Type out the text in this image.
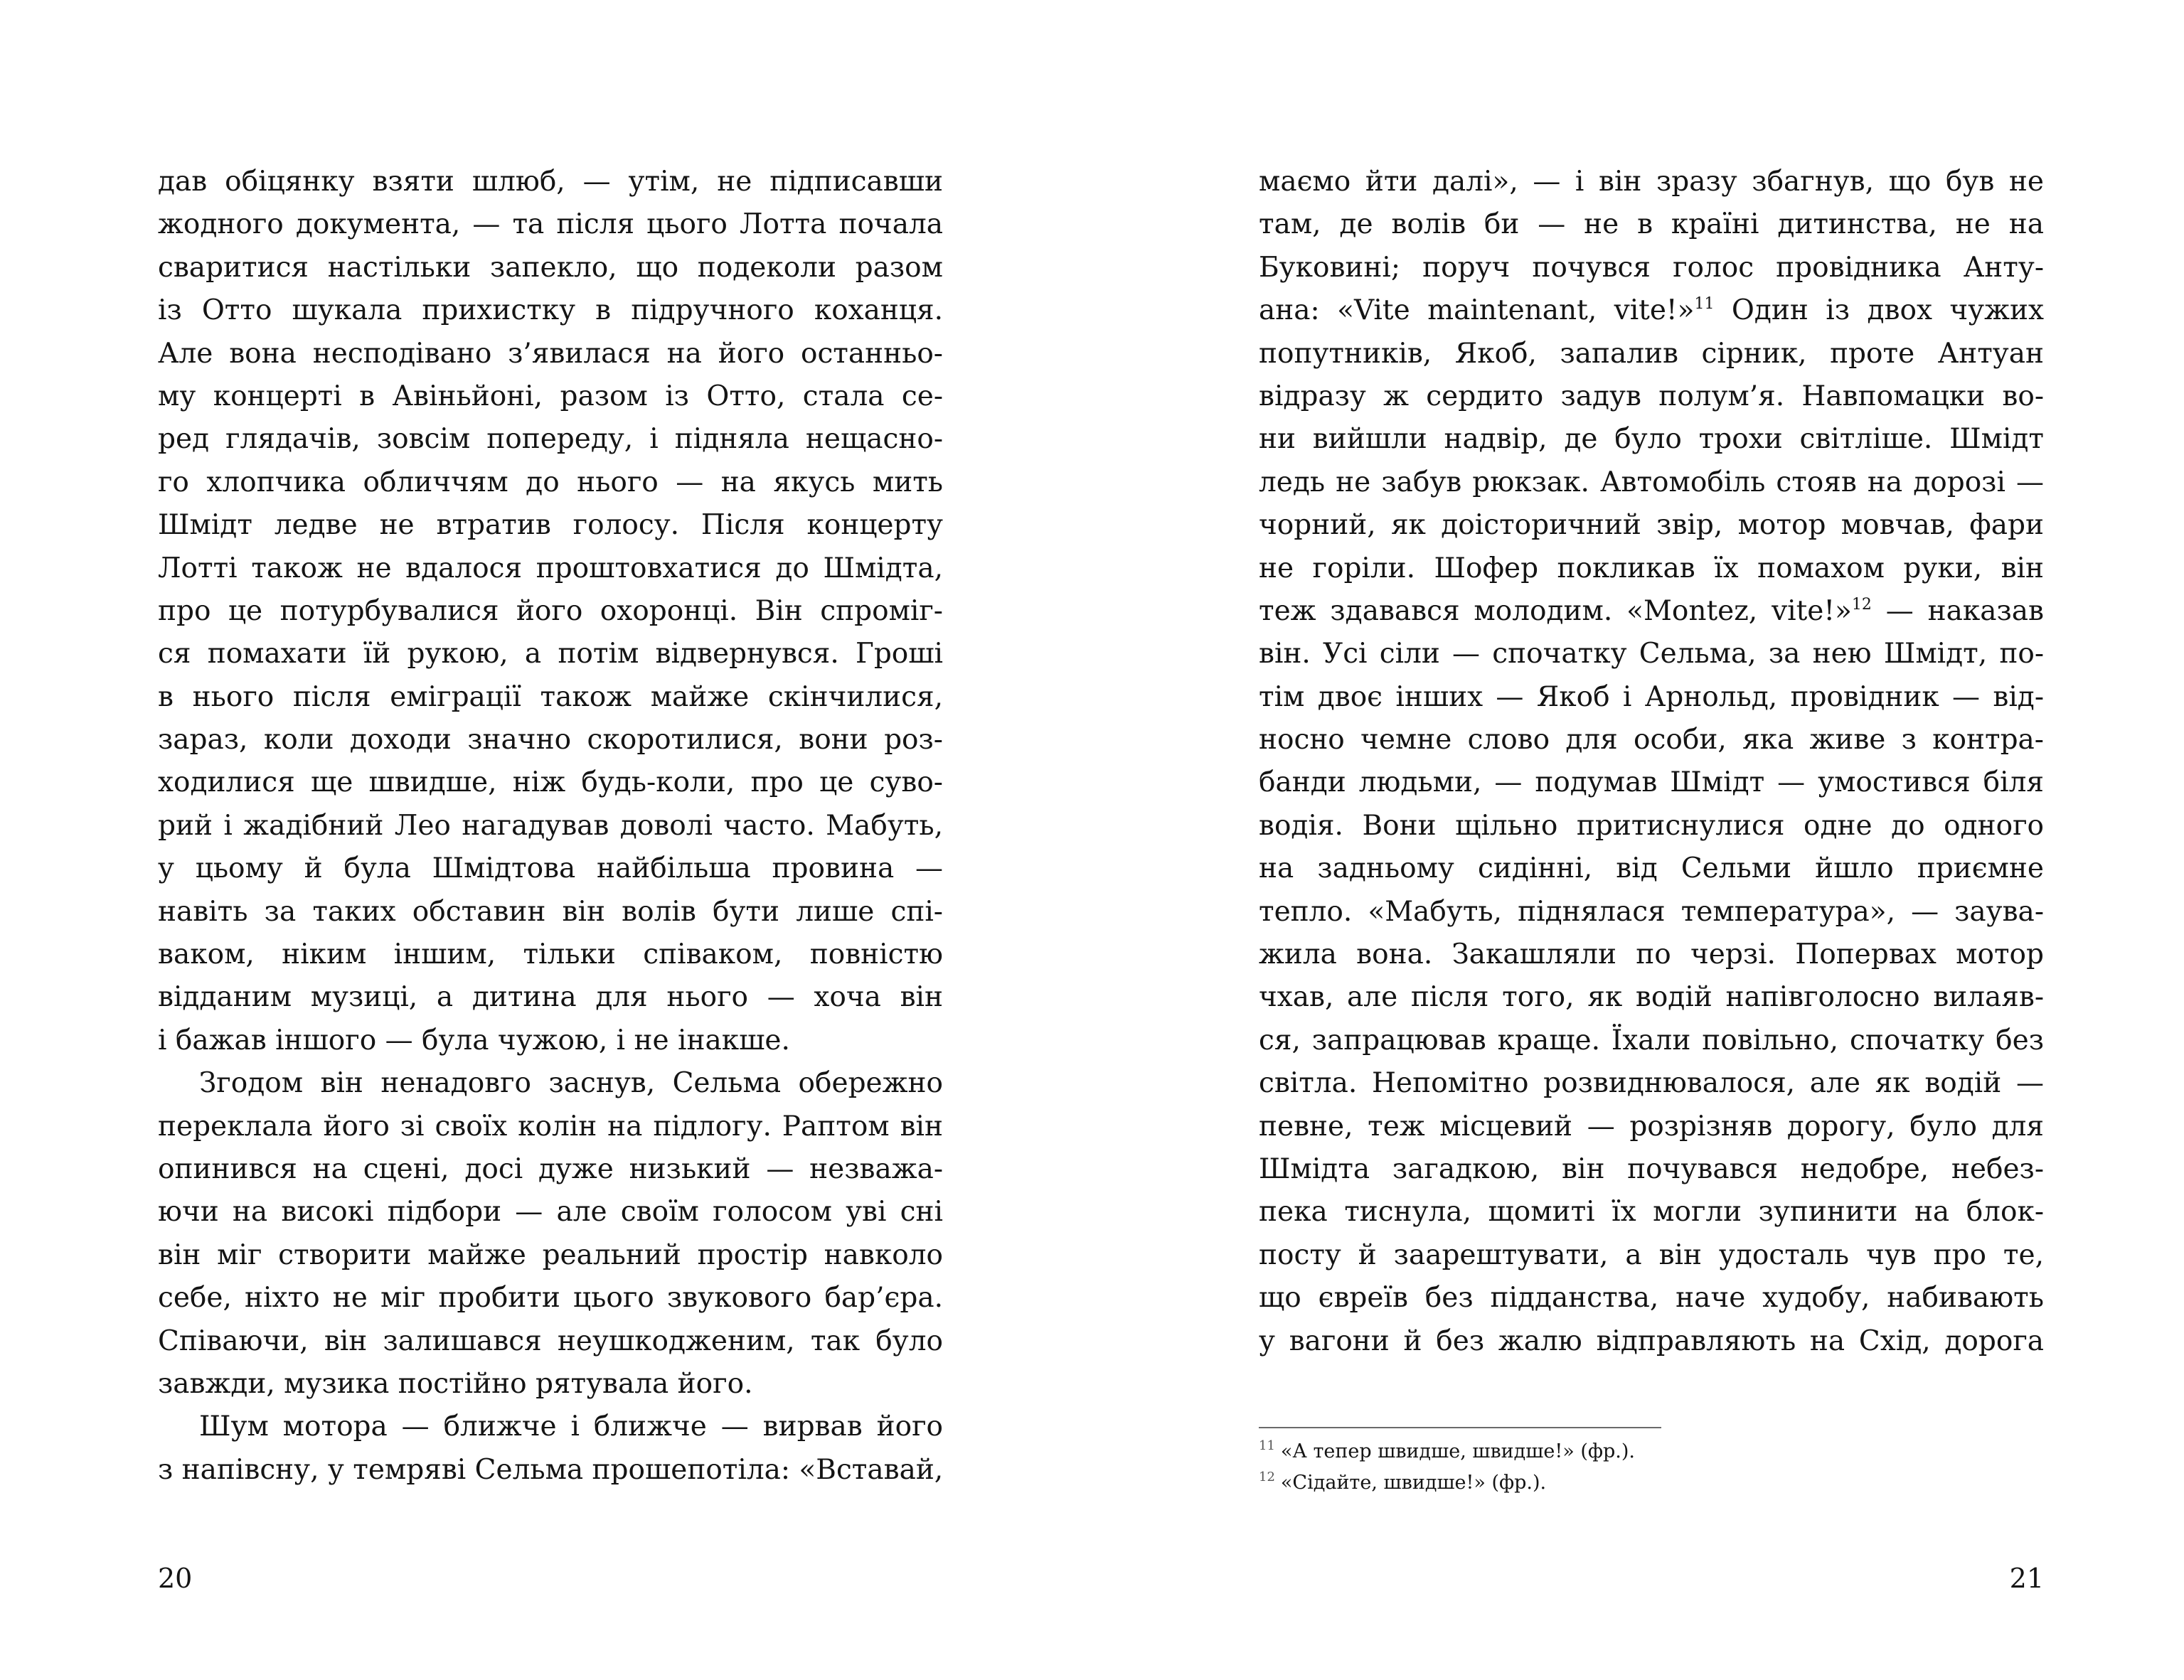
дав обіцянку взяти шлюб, — утім, не підписавши
жодного документа, — та після цього Лотта почала
сваритися настільки запекло, що подеколи разом
із Отто шукала прихистку в підручного коханця.
Але вона несподівано з’явилася на його останньо-
му концерті в Авіньйоні, разом із Отто, стала се-
ред глядачів, зовсім попереду, і підняла нещасно-
го хлопчика обличчям до нього — на якусь мить
Шмідт ледве не втратив голосу. Після концерту
Лотті також не вдалося проштовхатися до Шмідта,
про це потурбувалися його охоронці. Він спроміг-
ся помахати їй рукою, а потім відвернувся. Гроші
в нього після еміграції також майже скінчилися,
зараз, коли доходи значно скоротилися, вони роз-
ходилися ще швидше, ніж будь-коли, про це суво-
рий і жадібний Лео нагадував доволі часто. Мабуть,
у цьому й була Шмідтова найбільша провина —
навіть за таких обставин він волів бути лише спі-
ваком, ніким іншим, тільки співаком, повністю
відданим музиці, а дитина для нього — хоча він
і бажав іншого — була чужою, і не інакше.
Згодом він ненадовго заснув, Сельма обережно
переклала його зі своїх колін на підлогу. Раптом він
опинився на сцені, досі дуже низький — незважа-
ючи на високі підбори — але своїм голосом уві сні
він міг створити майже реальний простір навколо
себе, ніхто не міг пробити цього звукового бар’єра.
Співаючи, він залишався неушкодженим, так було
завжди, музика постійно рятувала його.
Шум мотора — ближче і ближче — вирвав його
з напівсну, у темряві Сельма прошепотіла: «Вставай,
20
маємо йти далі», — і він зразу збагнув, що був не
там, де волів би — не в країні дитинства, не на
Буковині; поруч почувся голос провідника Анту-
ана: «Vite maintenant, vite!»$^{11}$ Один із двох чужих
попутників, Якоб, запалив сірник, проте Антуан
відразу ж сердито задув полум’я. Навпомацки во-
ни вийшли надвір, де було трохи світліше. Шмідт
ледь не забув рюкзак. Автомобіль стояв на дорозі —
чорний, як доісторичний звір, мотор мовчав, фари
не горіли. Шофер покликав їх помахом руки, він
теж здавався молодим. «Montez, vite!»$^{12}$ — наказав
він. Усі сіли — спочатку Сельма, за нею Шмідт, по-
тім двоє інших — Якоб і Арнольд, провідник — від-
носно чемне слово для особи, яка живе з контра-
банди людьми, — подумав Шмідт — умостився біля
водія. Вони щільно притиснулися одне до одного
на задньому сидінні, від Сельми йшло приємне
тепло. «Мабуть, піднялася температура», — заува-
жила вона. Закашляли по черзі. Попервах мотор
чхав, але після того, як водій напівголосно вилаяв-
ся, запрацював краще. Їхали повільно, спочатку без
світла. Непомітно розвиднювалося, але як водій —
певне, теж місцевий — розрізняв дорогу, було для
Шмідта загадкою, він почувався недобре, небез-
пека тиснула, щомиті їх могли зупинити на блок-
посту й заарештувати, а він удосталь чув про те,
що євреїв без підданства, наче худобу, набивають
у вагони й без жалю відправляють на Схід, дорога
$^{11}$ «А тепер швидше, швидше!» (фр.).
$^{12}$ «Сідайте, швидше!» (фр.).
21
